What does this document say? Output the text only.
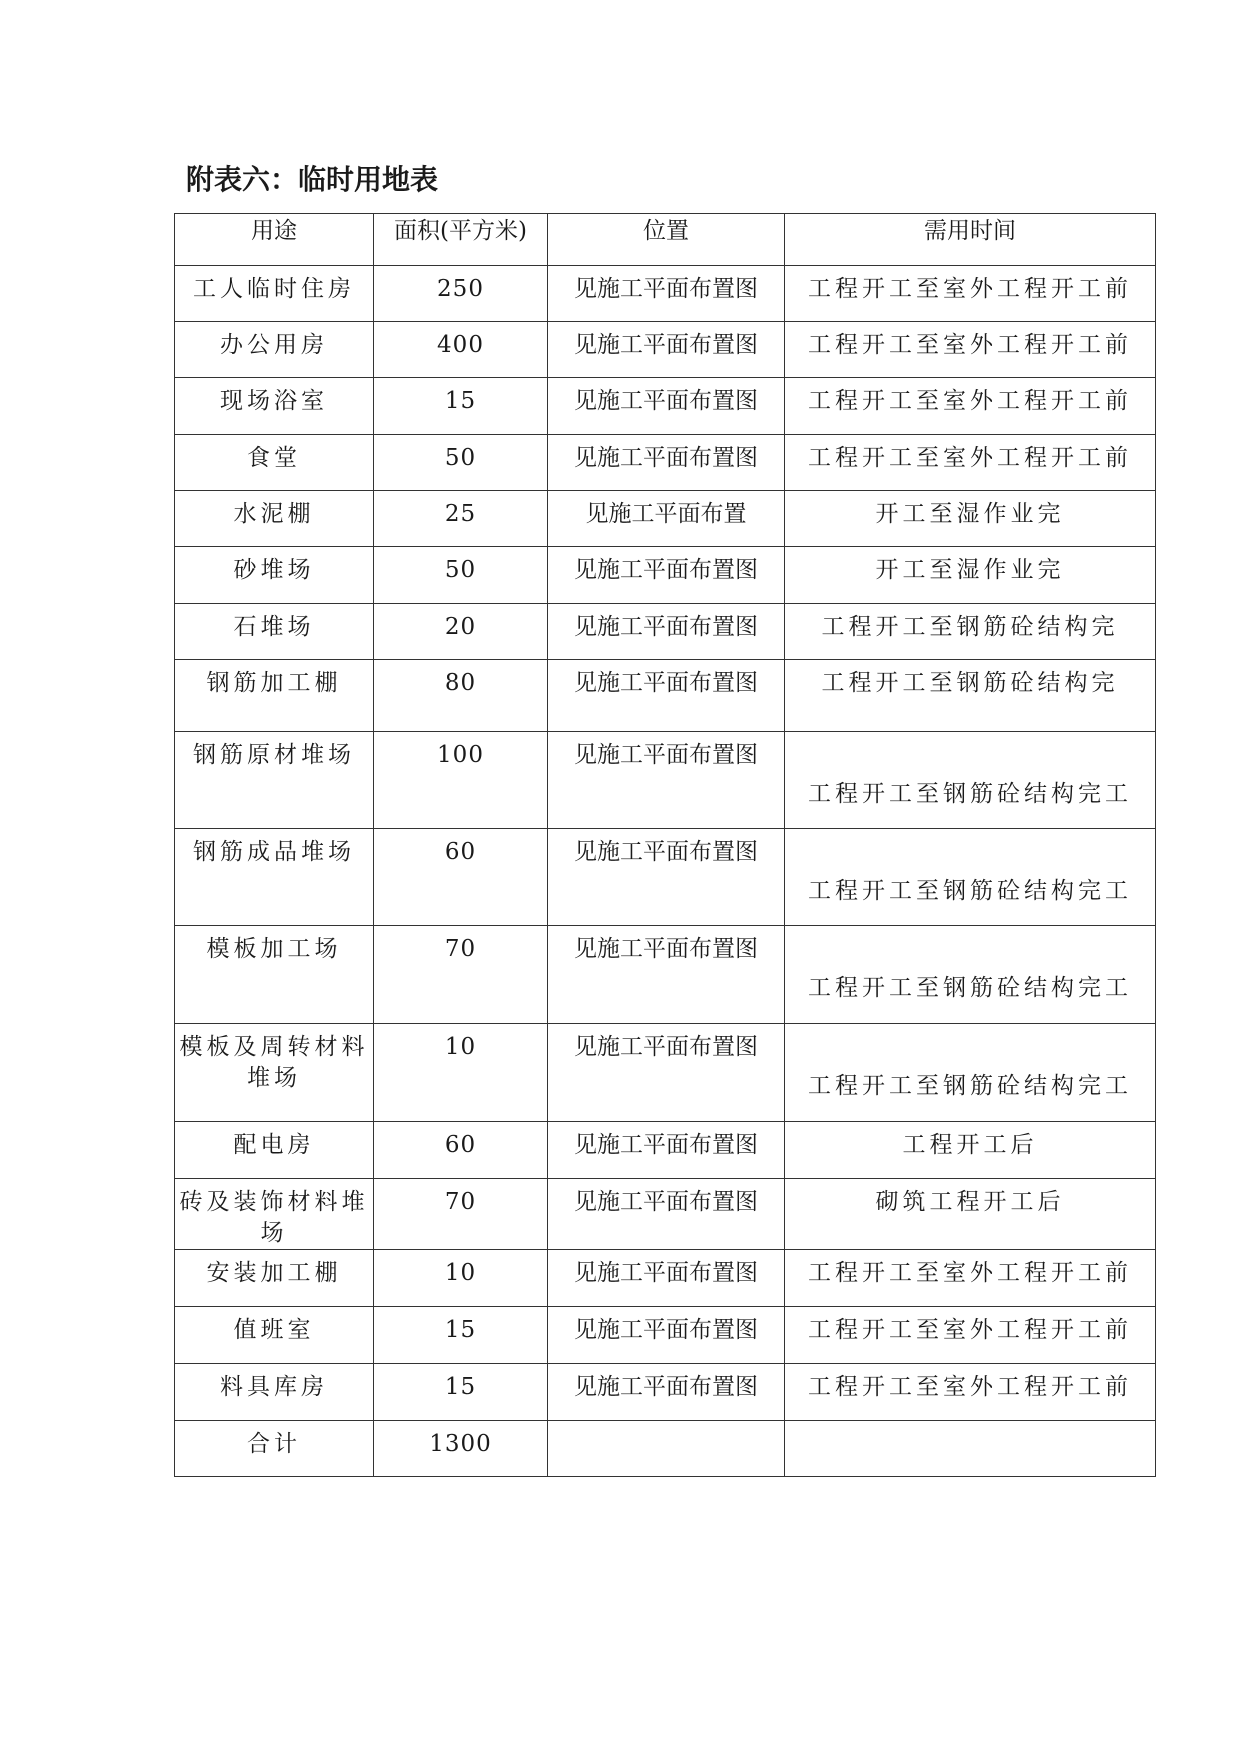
附表六：临时用地表
用途	面积(平方米)	位置	需用时间
工人临时住房	250	见施工平面布置图	工程开工至室外工程开工前
办公用房	400	见施工平面布置图	工程开工至室外工程开工前
现场浴室	15	见施工平面布置图	工程开工至室外工程开工前
食堂	50	见施工平面布置图	工程开工至室外工程开工前
水泥棚	25	见施工平面布置	开工至湿作业完
砂堆场	50	见施工平面布置图	开工至湿作业完
石堆场	20	见施工平面布置图	工程开工至钢筋砼结构完
钢筋加工棚	80	见施工平面布置图	工程开工至钢筋砼结构完
钢筋原材堆场	100	见施工平面布置图	工程开工至钢筋砼结构完工
钢筋成品堆场	60	见施工平面布置图	工程开工至钢筋砼结构完工
模板加工场	70	见施工平面布置图	工程开工至钢筋砼结构完工
模板及周转材料堆场	10	见施工平面布置图	工程开工至钢筋砼结构完工
配电房	60	见施工平面布置图	工程开工后
砖及装饰材料堆场	70	见施工平面布置图	砌筑工程开工后
安装加工棚	10	见施工平面布置图	工程开工至室外工程开工前
值班室	15	见施工平面布置图	工程开工至室外工程开工前
料具库房	15	见施工平面布置图	工程开工至室外工程开工前
合计	1300		
